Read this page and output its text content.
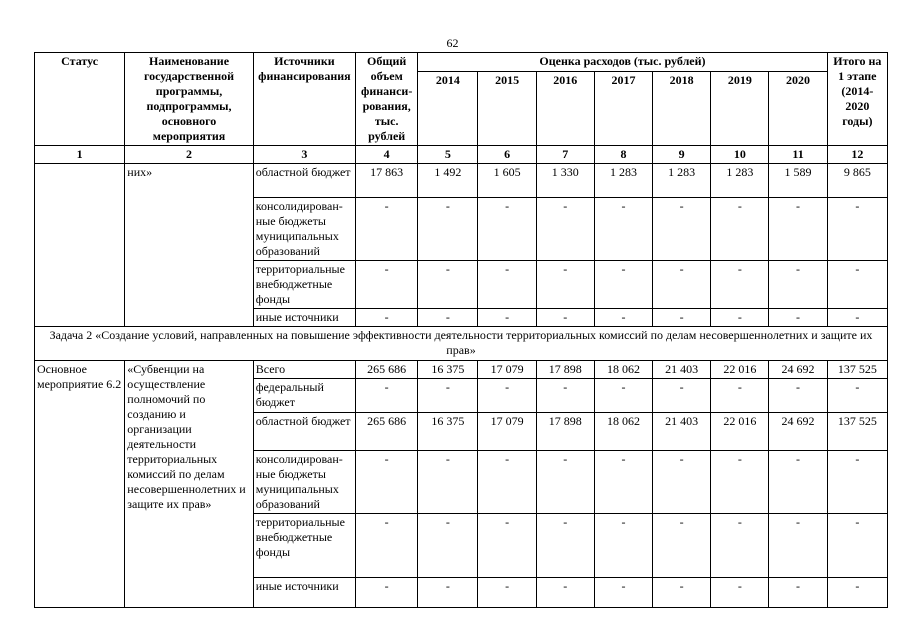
62
Статус	Наименование государственной программы, подпрограммы, основного мероприятия	Источники финансирования	Общий объем финанси-рования, тыс. рублей	Оценка расходов (тыс. рублей)							Итого на 1 этапе (2014-2020 годы)
				2014	2015	2016	2017	2018	2019	2020	
1	2	3	4	5	6	7	8	9	10	11	12
	них»	областной бюджет	17 863	1 492	1 605	1 330	1 283	1 283	1 283	1 589	9 865
		консолидирован-ные бюджеты муниципальных образований	-	-	-	-	-	-	-	-	-
		территориальные внебюджетные фонды	-	-	-	-	-	-	-	-	-
		иные источники	-	-	-	-	-	-	-	-	-
Задача 2 «Создание условий, направленных на повышение эффективности деятельности территориальных комиссий по делам несовершеннолетних и защите их прав»											
Основное мероприятие 6.2	«Субвенции на осуществление полномочий по созданию и организации деятельности территориальных комиссий по делам несовершеннолетних и защите их прав»	Всего	265 686	16 375	17 079	17 898	18 062	21 403	22 016	24 692	137 525
		федеральный бюджет	-	-	-	-	-	-	-	-	-
		областной бюджет	265 686	16 375	17 079	17 898	18 062	21 403	22 016	24 692	137 525
		консолидирован-ные бюджеты муниципальных образований	-	-	-	-	-	-	-	-	-
		территориальные внебюджетные фонды	-	-	-	-	-	-	-	-	-
		иные источники	-	-	-	-	-	-	-	-	-
